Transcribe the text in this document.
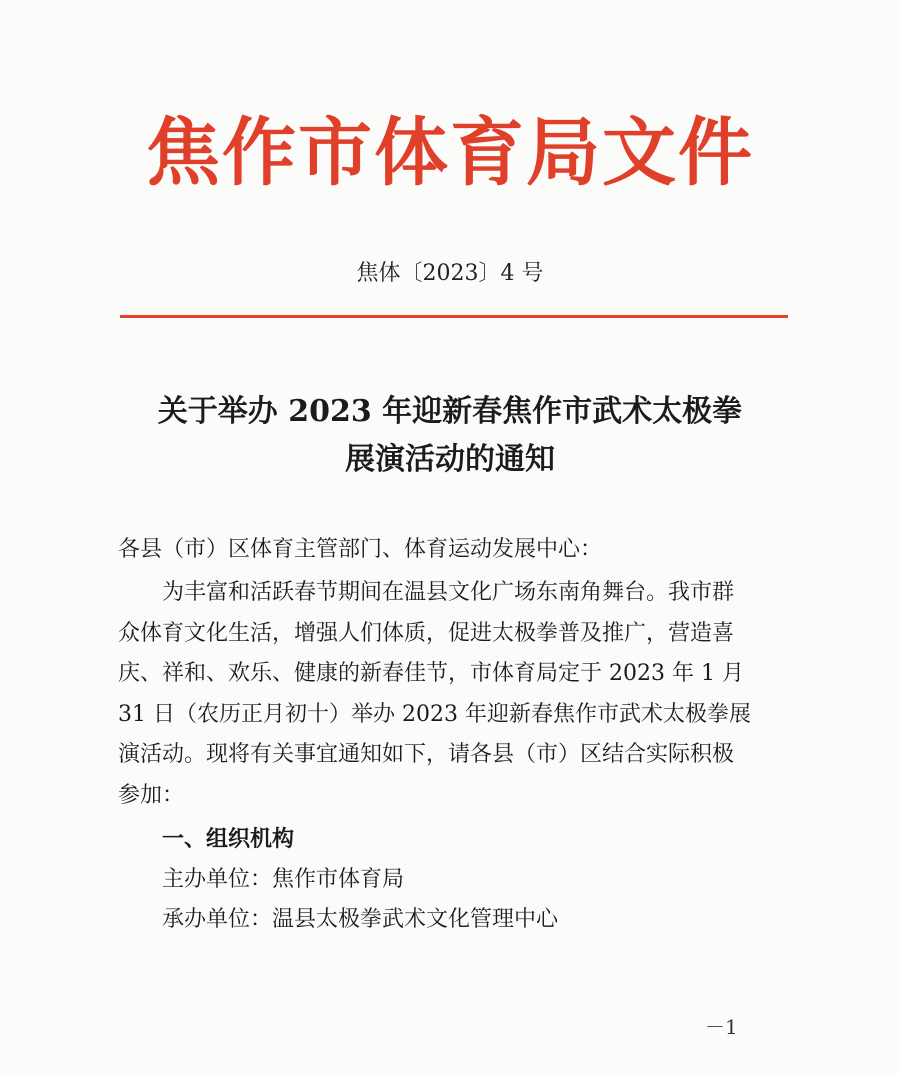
焦作市体育局文件
焦体〔2023〕4 号
关于举办 2023 年迎新春焦作市武术太极拳
展演活动的通知
各县（市）区体育主管部门、体育运动发展中心：
为丰富和活跃春节期间在温县文化广场东南角舞台。我市群
众体育文化生活，增强人们体质，促进太极拳普及推广，营造喜
庆、祥和、欢乐、健康的新春佳节，市体育局定于 2023 年 1 月
31 日（农历正月初十）举办 2023 年迎新春焦作市武术太极拳展
演活动。现将有关事宜通知如下，请各县（市）区结合实际积极
参加：
一、组织机构
主办单位：焦作市体育局
承办单位：温县太极拳武术文化管理中心
－1
